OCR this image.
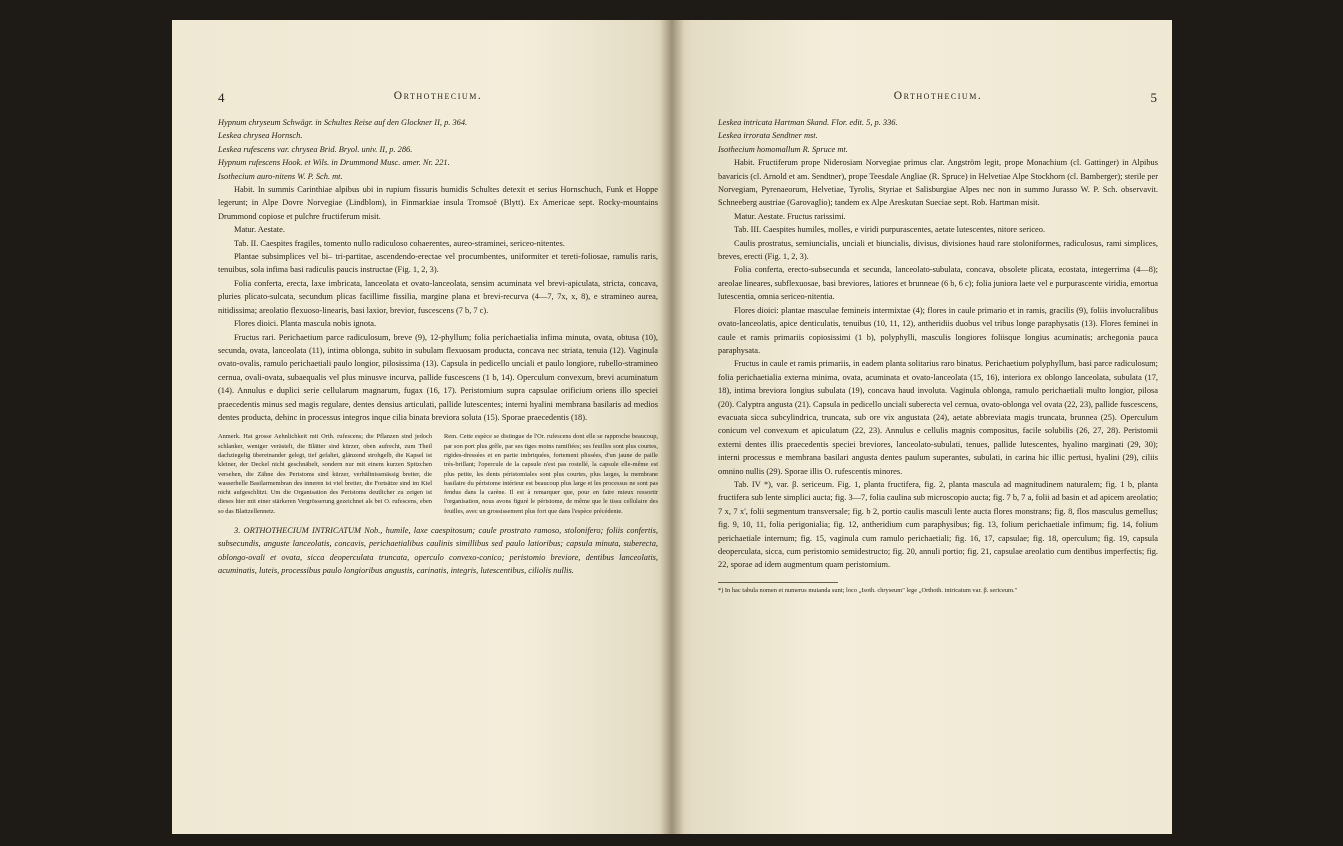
4	Orthothecium.

Hypnum chryseum Schwägr. in Schultes Reise auf den Glockner II, p. 364.

Leskea chrysea Hornsch.

Leskea rufescens var. chrysea Brid. Bryol. univ. II, p. 286.

Hypnum rufescens Hook. et Wils. in Drummond Musc. amer. Nr. 221.

Isothecium auro-nitens W. P. Sch. mt.

Habit. In summis Carinthiae alpibus ubi in rupium fissuris humidis Schultes detexit et serius Hornschuch, Funk et Hoppe legerunt; in Alpe Dovre Norvegiae (Lindblom), in Finmarkiae insula Tromsoë (Blytt). Ex Americae sept. Rocky-mountains Drummond copiose et pulchre fructiferum misit.

Matur. Aestate.

Tab. II. Caespites fragiles, tomento nullo radiculoso cohaerentes, aureo-straminei, sericeo-nitentes.

Plantae subsimplices vel bi– tri-partitae, ascendendo-erectae vel procumbentes, uniformiter et tereti-foliosae, ramulis raris, tenuibus, sola infima basi radiculis paucis instructae (Fig. 1, 2, 3).

Folia conferta, erecta, laxe imbricata, lanceolata et ovato-lanceolata, sensim acuminata vel brevi-apiculata, stricta, concava, pluries plicato-sulcata, secundum plicas facillime fissilia, margine plana et brevi-recurva (4—7, 7x, x, 8), e stramineo aurea, nitidissima; areolatio flexuoso-linearis, basi laxior, brevior, fuscescens (7 b, 7 c).

Flores dioici. Planta mascula nobis ignota.

Fructus rari. Perichaetium parce radiculosum, breve (9), 12-phyllum; folia perichaetialia infima minuta, ovata, obtusa (10), secunda, ovata, lanceolata (11), intima oblonga, subito in subulam flexuosam producta, concava nec striata, tenuia (12). Vaginula ovato-ovalis, ramulo perichaetiali paulo longior, pilosissima (13). Capsula in pedicello unciali et paulo longiore, rubello-stramineo cernua, ovali-ovata, subaequalis vel plus minusve incurva, pallide fuscescens (1 b, 14). Operculum convexum, brevi acuminatum (14). Annulus e duplici serie cellularum magnarum, fugax (16, 17). Peristomium supra capsulae orificium oriens illo speciei praecedentis minus sed magis regulare, dentes densius articulati, pallide lutescentes; interni hyalini membrana basilaris ad medios dentes producta, dehinc in processus integros inque cilia binata breviora soluta (15). Sporae praecedentis (18).

Anmerk. Hat grosse Aehnlichkeit mit Orth. rufescens; die Pflanzen sind jedoch schlanker, weniger verästelt, die Blätter sind kürzer, oben aufrecht, zum Theil dachziegelig übereinander gelegt, tief gefaltet, glänzend strohgelb, die Kapsel ist kleiner, der Deckel nicht geschnäbelt, sondern nur mit einem kurzen Spitzchen versehen, die Zähne des Peristoms sind kürzer, verhältnissmässig breiter, die wasserhelle Basilarmembran des inneren ist viel breiter, die Fortsätze sind im Kiel nicht aufgeschlitzt. Um die Organisation des Peristoms deutlicher zu zeigen ist dieses hier mit einer stärkeren Vergrösserung gezeichnet als bei O. rufescens, eben so das Blattzellennetz.

Rem. Cette espèce se distingue de l'Or. rufescens dont elle se rapproche beaucoup, par son port plus grêle, par ses tiges moins ramifiées; ses feuilles sont plus courtes, rigides-dressées et en partie imbriquées, fortement plissées, d'un jaune de paille très-brillant; l'opercule de la capsule n'est pas rostellé, la capsule elle-même est plus petite, les dents péristomiales sont plus courtes, plus larges, la membrane basilaire du péristome intérieur est beaucoup plus large et les processus ne sont pas fendus dans la carène. Il est à remarquer que, pour en faire mieux ressortir l'organisation, nous avons figuré le péristome, de même que le tissu cellulaire des feuilles, avec un grossissement plus fort que dans l'espèce précédente.

3. ORTHOTHECIUM INTRICATUM Nob., humile, laxe caespitosum; caule prostrato ramoso, stolonifero; foliis confertis, subsecundis, anguste lanceolatis, concavis, perichaetialibus caulinis simillibus sed paulo latioribus; capsula minuta, suberecta, oblongo-ovali et ovata, sicca deoperculata truncata, operculo convexo-conico; peristomio breviore, dentibus lanceolatis, acuminatis, luteis, processibus paulo longioribus angustis, carinatis, integris, lutescentibus, ciliolis nullis.

Orthothecium.	5

Leskea intricata Hartman Skand. Flor. edit. 5, p. 336.

Leskea irrorata Sendtner mst.

Isothecium homomallum R. Spruce mt.

Habit. Fructiferum prope Niderosiam Norvegiae primus clar. Angström legit, prope Monachium (cl. Gattinger) in Alpibus bavaricis (cl. Arnold et am. Sendtner), prope Teesdale Angliae (R. Spruce) in Helvetiae Alpe Stockhorn (cl. Bamberger); sterile per Norvegiam, Pyrenaeorum, Helvetiae, Tyrolis, Styriae et Salisburgiae Alpes nec non in summo Jurasso W. P. Sch. observavit. Schneeberg austriae (Garovaglio); tandem ex Alpe Areskutan Sueciae sept. Rob. Hartman misit.

Matur. Aestate. Fructus rarissimi.

Tab. III. Caespites humiles, molles, e viridi purpurascentes, aetate lutescentes, nitore sericeo.

Caulis prostratus, semiuncialis, unciali et biuncialis, divisus, divisiones haud rare stoloniformes, radiculosus, rami simplices, breves, erecti (Fig. 1, 2, 3).

Folia conferta, erecto-subsecunda et secunda, lanceolato-subulata, concava, obsolete plicata, ecostata, integerrima (4—8); areolae lineares, subflexuosae, basi breviores, latiores et brunneae (6 b, 6 c); folia juniora laete vel e purpurascente viridia, emortua lutescentia, omnia sericeo-nitentia.

Flores dioici: plantae masculae femineis intermixtae (4); flores in caule primario et in ramis, gracilis (9), foliis involucralibus ovato-lanceolatis, apice denticulatis, tenuibus (10, 11, 12), antheridiis duobus vel tribus longe paraphysatis (13). Flores feminei in caule et ramis primariis copiosissimi (1 b), polyphylli, masculis longiores foliisque longius acuminatis; archegonia pauca paraphysata.

Fructus in caule et ramis primariis, in eadem planta solitarius raro binatus. Perichaetium polyphyllum, basi parce radiculosum; folia perichaetialia externa minima, ovata, acuminata et ovato-lanceolata (15, 16), interiora ex oblongo lanceolata, subulata (17, 18), intima breviora longius subulata (19), concava haud involuta. Vaginula oblonga, ramulo perichaetiali multo longior, pilosa (20). Calyptra angusta (21). Capsula in pedicello unciali suberecta vel cernua, ovato-oblonga vel ovata (22, 23), pallide fuscescens, evacuata sicca subcylindrica, truncata, sub ore vix angustata (24), aetate abbreviata magis truncata, brunnea (25). Operculum conicum vel convexum et apiculatum (22, 23). Annulus e cellulis magnis compositus, facile solubilis (26, 27, 28). Peristomii externi dentes illis praecedentis speciei breviores, lanceolato-subulati, tenues, pallide lutescentes, hyalino marginati (29, 30); interni processus e membrana basilari angusta dentes paulum superantes, subulati, in carina hic illic pertusi, hyalini (29), ciliis omnino nullis (29). Sporae illis O. rufescentis minores.

Tab. IV *), var. β. sericeum. Fig. 1, planta fructifera, fig. 2, planta mascula ad magnitudinem naturalem; fig. 1 b, planta fructifera sub lente simplici aucta; fig. 3—7, folia caulina sub microscopio aucta; fig. 7 b, 7 a, folii ad basin et ad apicem areolatio; 7 x, 7 x', folii segmentum transversale; fig. b 2, portio caulis masculi lente aucta flores monstrans; fig. 8, flos masculus gemellus; fig. 9, 10, 11, folia perigonialia; fig. 12, antheridium cum paraphysibus; fig. 13, folium perichaetiale infimum; fig. 14, folium perichaetiale internum; fig. 15, vaginula cum ramulo perichaetiali; fig. 16, 17, capsulae; fig. 18, operculum; fig. 19, capsula deoperculata, sicca, cum peristomio semidestructo; fig. 20, annuli portio; fig. 21, capsulae areolatio cum dentibus imperfectis; fig. 22, sporae ad idem augmentum quam peristomium.

*) In hac tabula nomen et numerus mutanda sunt; loco „Isoth. chryseum" lege „Orthoth. intricatum var. β. sericeum."
